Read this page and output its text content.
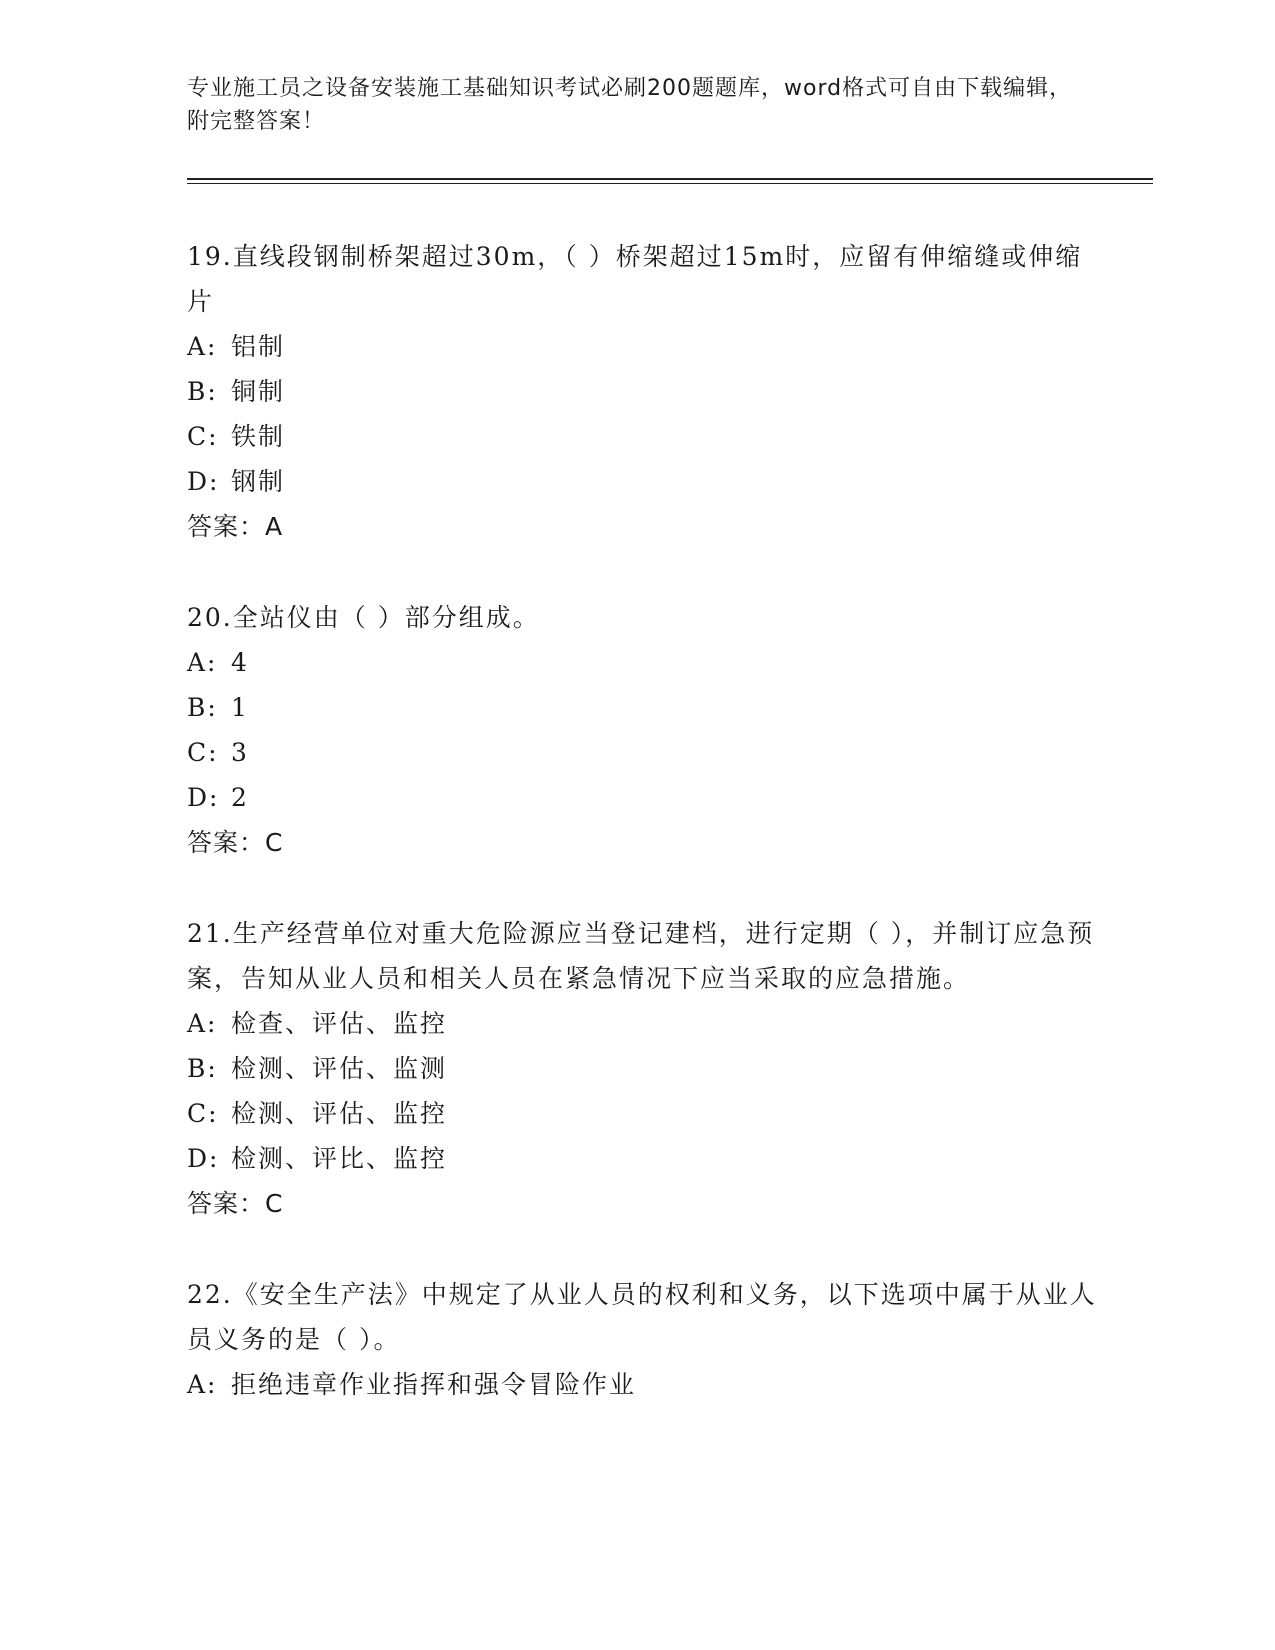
专业施工员之设备安装施工基础知识考试必刷200题题库，word格式可自由下载编辑，附完整答案！

19.直线段钢制桥架超过30m，（ ）桥架超过15m时，应留有伸缩缝或伸缩片

A: 铝制

B: 铜制

C: 铁制

D: 钢制

答案：A

20.全站仪由（ ）部分组成。

A: 4

B: 1

C: 3

D: 2

答案：C

21.生产经营单位对重大危险源应当登记建档，进行定期（ ），并制订应急预案，告知从业人员和相关人员在紧急情况下应当采取的应急措施。

A: 检查、评估、监控

B: 检测、评估、监测

C: 检测、评估、监控

D: 检测、评比、监控

答案：C

22.《安全生产法》中规定了从业人员的权利和义务，以下选项中属于从业人员义务的是（ ）。

A: 拒绝违章作业指挥和强令冒险作业
